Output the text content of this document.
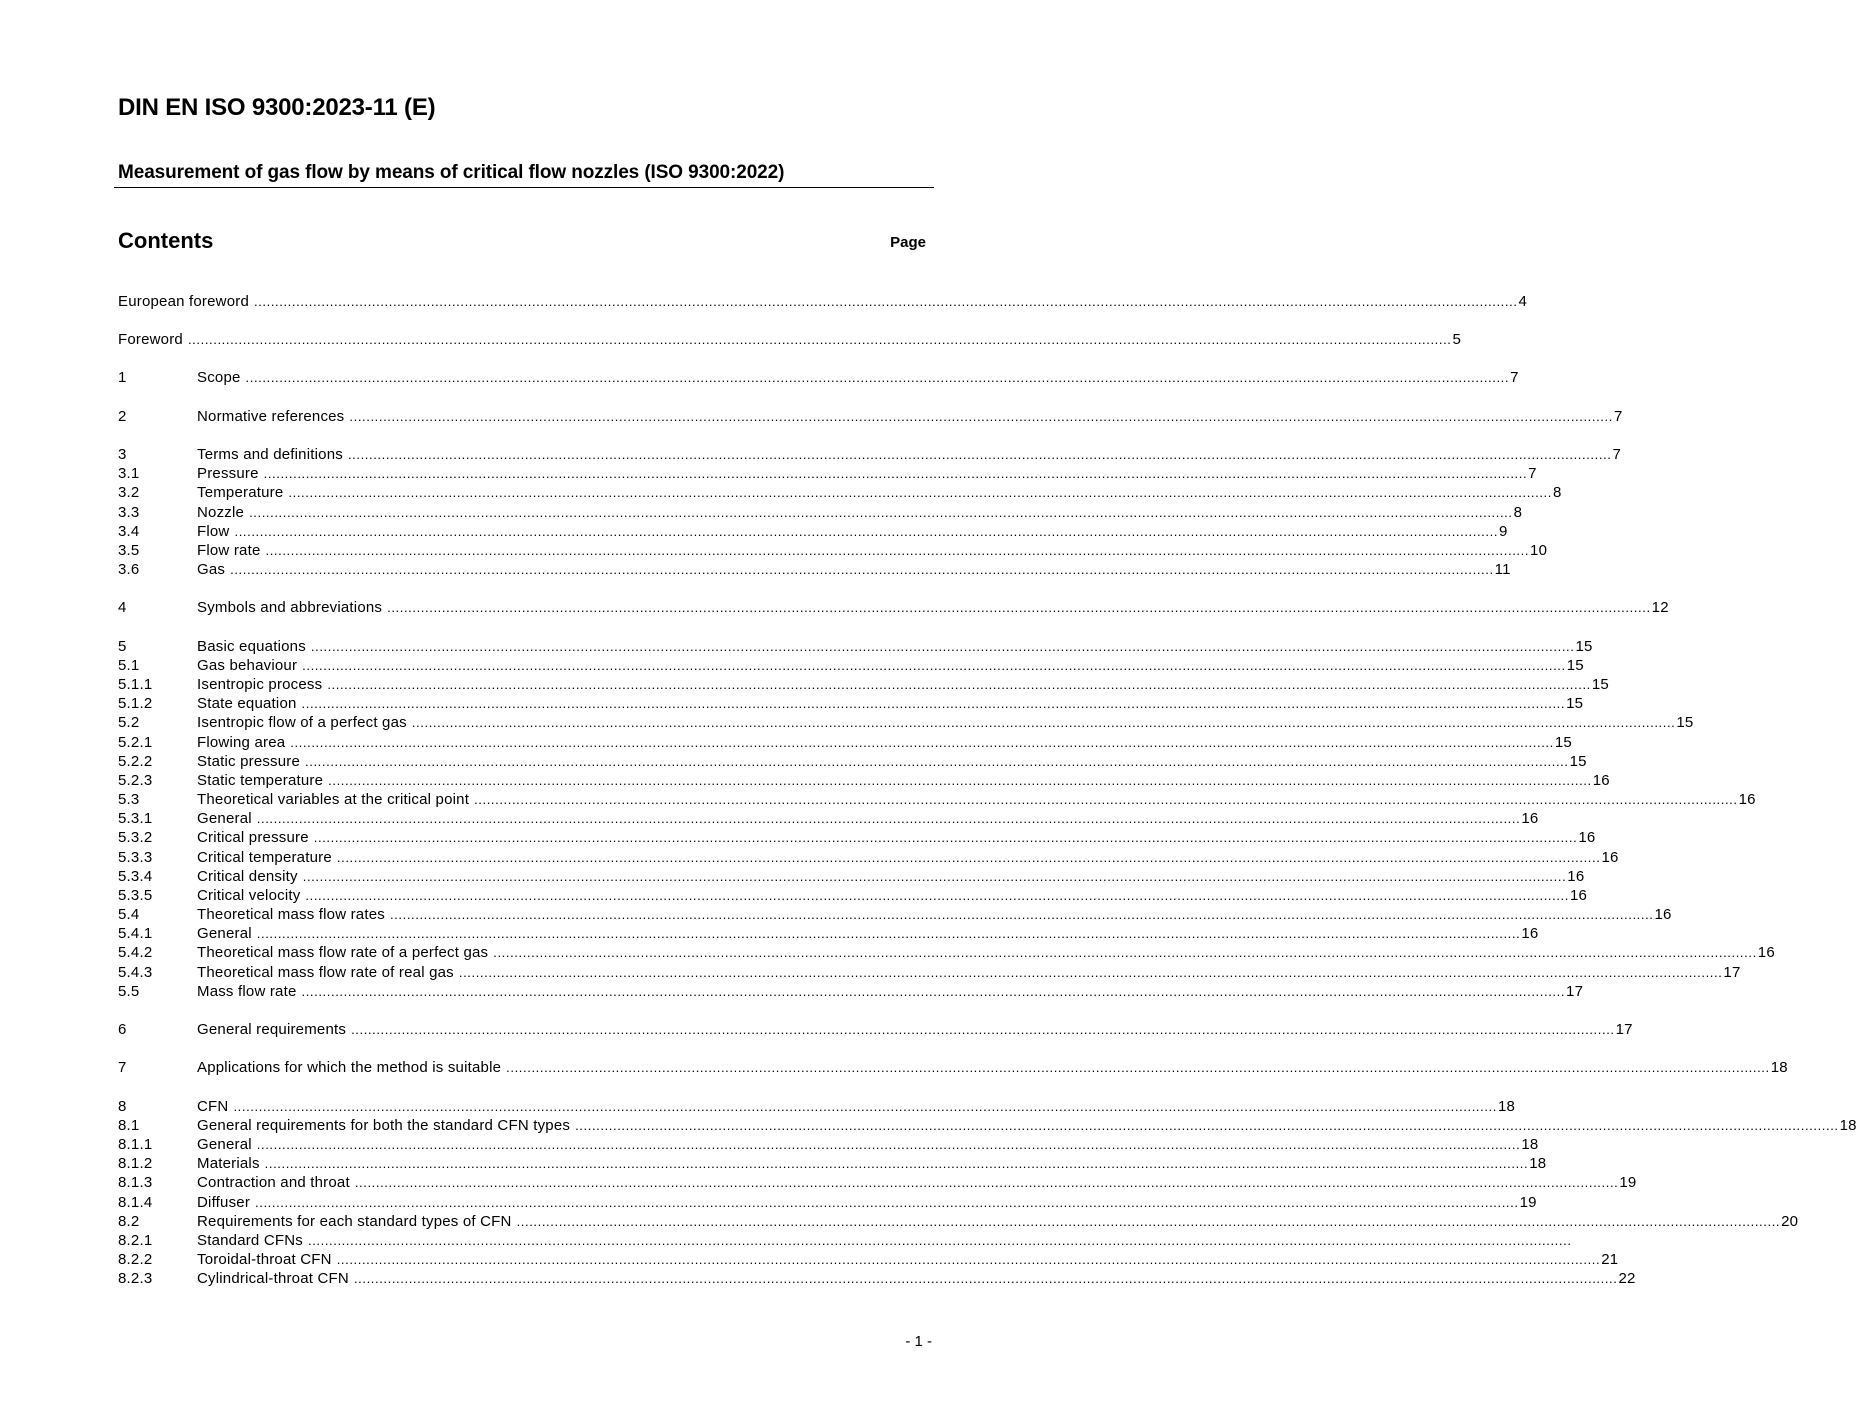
DIN EN ISO 9300:2023-11 (E)
Measurement of gas flow by means of critical flow nozzles (ISO 9300:2022)
Contents	Page
European foreword ............................................................................................................................................................................................................................................................................................................ 4
Foreword ............................................................................................................................................................................................................................................................................................................ 5
1	Scope ............................................................................................................................................................................................................................................................................................................ 7
2	Normative references ............................................................................................................................................................................................................................................................................................................ 7
3	Terms and definitions ............................................................................................................................................................................................................................................................................................................ 7
3.1	Pressure ............................................................................................................................................................................................................................................................................................................ 7
3.2	Temperature ............................................................................................................................................................................................................................................................................................................ 8
3.3	Nozzle ............................................................................................................................................................................................................................................................................................................ 8
3.4	Flow ............................................................................................................................................................................................................................................................................................................ 9
3.5	Flow rate ............................................................................................................................................................................................................................................................................................................ 10
3.6	Gas ............................................................................................................................................................................................................................................................................................................ 11
4	Symbols and abbreviations ............................................................................................................................................................................................................................................................................................................ 12
5	Basic equations ............................................................................................................................................................................................................................................................................................................ 15
5.1	Gas behaviour ............................................................................................................................................................................................................................................................................................................ 15
5.1.1	Isentropic process ............................................................................................................................................................................................................................................................................................................ 15
5.1.2	State equation ............................................................................................................................................................................................................................................................................................................ 15
5.2	Isentropic flow of a perfect gas ............................................................................................................................................................................................................................................................................................................ 15
5.2.1	Flowing area ............................................................................................................................................................................................................................................................................................................ 15
5.2.2	Static pressure ............................................................................................................................................................................................................................................................................................................ 15
5.2.3	Static temperature ............................................................................................................................................................................................................................................................................................................ 16
5.3	Theoretical variables at the critical point ............................................................................................................................................................................................................................................................................................................ 16
5.3.1	General ............................................................................................................................................................................................................................................................................................................ 16
5.3.2	Critical pressure ............................................................................................................................................................................................................................................................................................................ 16
5.3.3	Critical temperature ............................................................................................................................................................................................................................................................................................................ 16
5.3.4	Critical density ............................................................................................................................................................................................................................................................................................................ 16
5.3.5	Critical velocity ............................................................................................................................................................................................................................................................................................................ 16
5.4	Theoretical mass flow rates ............................................................................................................................................................................................................................................................................................................ 16
5.4.1	General ............................................................................................................................................................................................................................................................................................................ 16
5.4.2	Theoretical mass flow rate of a perfect gas ............................................................................................................................................................................................................................................................................................................ 16
5.4.3	Theoretical mass flow rate of real gas ............................................................................................................................................................................................................................................................................................................ 17
5.5	Mass flow rate ............................................................................................................................................................................................................................................................................................................ 17
6	General requirements ............................................................................................................................................................................................................................................................................................................ 17
7	Applications for which the method is suitable ............................................................................................................................................................................................................................................................................................................ 18
8	CFN ............................................................................................................................................................................................................................................................................................................ 18
8.1	General requirements for both the standard CFN types ............................................................................................................................................................................................................................................................................................................ 18
8.1.1	General ............................................................................................................................................................................................................................................................................................................ 18
8.1.2	Materials ............................................................................................................................................................................................................................................................................................................ 18
8.1.3	Contraction and throat ............................................................................................................................................................................................................................................................................................................ 19
8.1.4	Diffuser ............................................................................................................................................................................................................................................................................................................ 19
8.2	Requirements for each standard types of CFN ............................................................................................................................................................................................................................................................................................................ 20
8.2.1	Standard CFNs ............................................................................................................................................................................................................................................................................................................
8.2.2	Toroidal-throat CFN ............................................................................................................................................................................................................................................................................................................ 21
8.2.3	Cylindrical-throat CFN ............................................................................................................................................................................................................................................................................................................ 22
- 1 -
